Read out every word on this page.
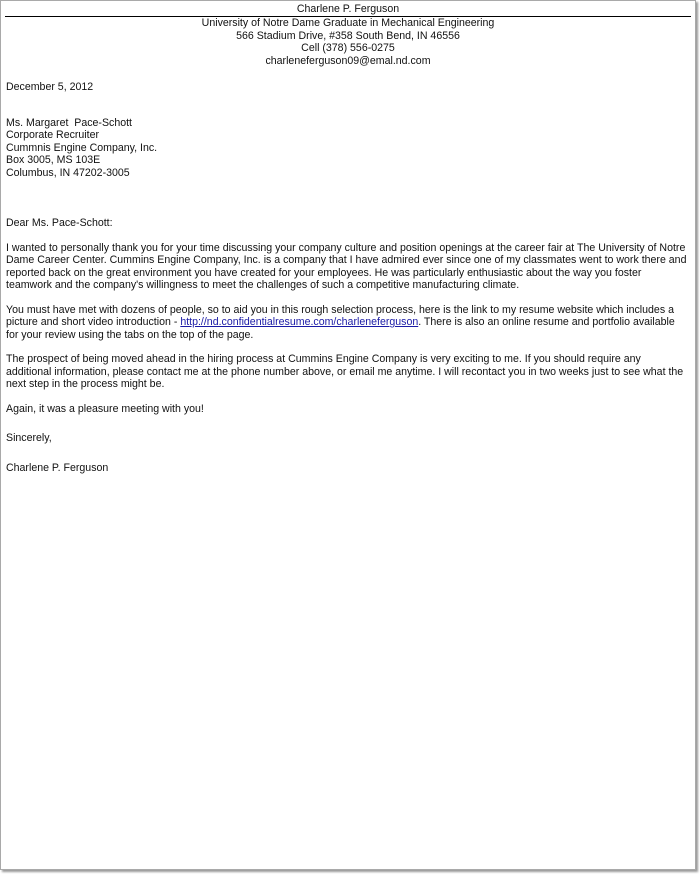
Charlene P. Ferguson
University of Notre Dame Graduate in Mechanical Engineering
566 Stadium Drive, #358 South Bend, IN 46556
Cell (378) 556-0275
charleneferguson09@emal.nd.com
December 5, 2012
Ms. Margaret  Pace-Schott
Corporate Recruiter
Cummnis Engine Company, Inc.
Box 3005, MS 103E
Columbus, IN 47202-3005
Dear Ms. Pace-Schott:

I wanted to personally thank you for your time discussing your company culture and position openings at the career fair at The University of Notre Dame Career Center. Cummins Engine Company, Inc. is a company that I have admired ever since one of my classmates went to work there and reported back on the great environment you have created for your employees. He was particularly enthusiastic about the way you foster teamwork and the company's willingness to meet the challenges of such a competitive manufacturing climate.

You must have met with dozens of people, so to aid you in this rough selection process, here is the link to my resume website which includes a picture and short video introduction - http://nd.confidentialresume.com/charleneferguson. There is also an online resume and portfolio available for your review using the tabs on the top of the page.

The prospect of being moved ahead in the hiring process at Cummins Engine Company is very exciting to me. If you should require any additional information, please contact me at the phone number above, or email me anytime. I will recontact you in two weeks just to see what the next step in the process might be.

Again, it was a pleasure meeting with you!

Sincerely,
Charlene P. Ferguson
